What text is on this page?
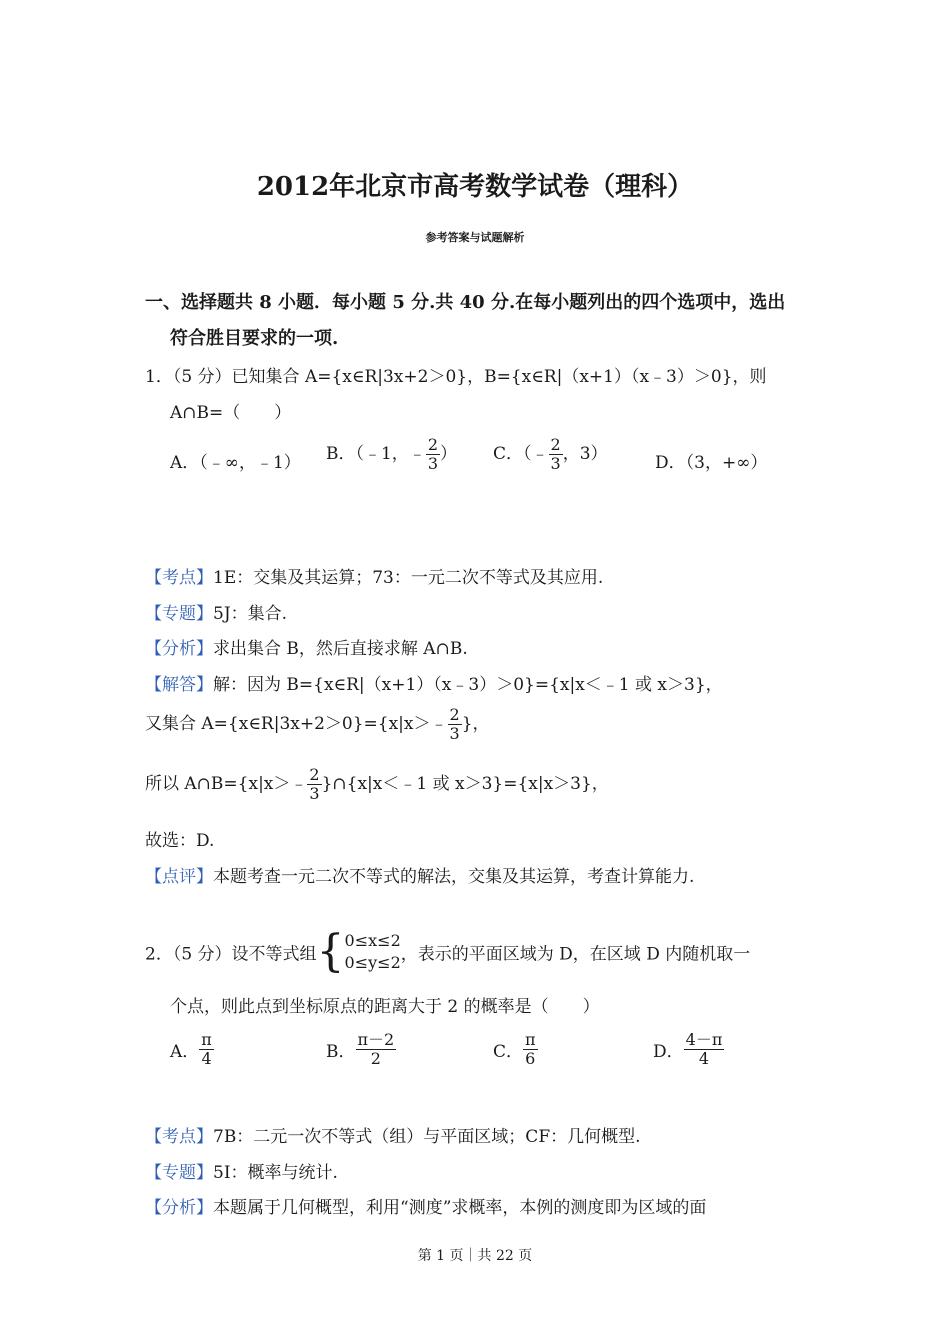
2012年北京市高考数学试卷（理科）
参考答案与试题解析
一、选择题共 8 小题．每小题 5 分.共 40 分.在每小题列出的四个选项中，选出
符合胜目要求的一项.
1．（5 分）已知集合 A={x∈R|3x+2＞0}，B={x∈R|（x+1）（x﹣3）＞0}，则
A∩B=（　　）
A．（﹣∞，﹣1） B．（﹣1，﹣ $\frac{2}{3}$ ） C．（﹣ $\frac{2}{3}$ ，3）	D．（3，+∞）
【考点】1E：交集及其运算；73：一元二次不等式及其应用.
【专题】5J：集合.
【分析】求出集合 B，然后直接求解 A∩B.
【解答】解：因为 B={x∈R|（x+1）（x﹣3）＞0}={x|x＜﹣1 或 x＞3}，
又集合 A={x∈R|3x+2＞0}={x|x＞﹣ $\frac{2}{3}$ }，
所以 A∩B={x|x＞﹣ $\frac{2}{3}$ }∩{x|x＜﹣1 或 x＞3}={x|x＞3}，
故选：D.
【点评】本题考查一元二次不等式的解法，交集及其运算，考查计算能力.
2．（5 分）设不等式组{ 0≤x≤2
0≤y≤2 ，表示的平面区域为 D，在区域 D 内随机取一
个点，则此点到坐标原点的距离大于 2 的概率是（　　）
A． $\frac{\pi}{4}$	B． $\frac{\pi-2}{2}$	C． $\frac{\pi}{6}$	D． $\frac{4-\pi}{4}$
【考点】7B：二元一次不等式（组）与平面区域；CF：几何概型.
【专题】5I：概率与统计.
【分析】本题属于几何概型，利用“测度”求概率，本例的测度即为区域的面
第 1 页｜共 22 页
